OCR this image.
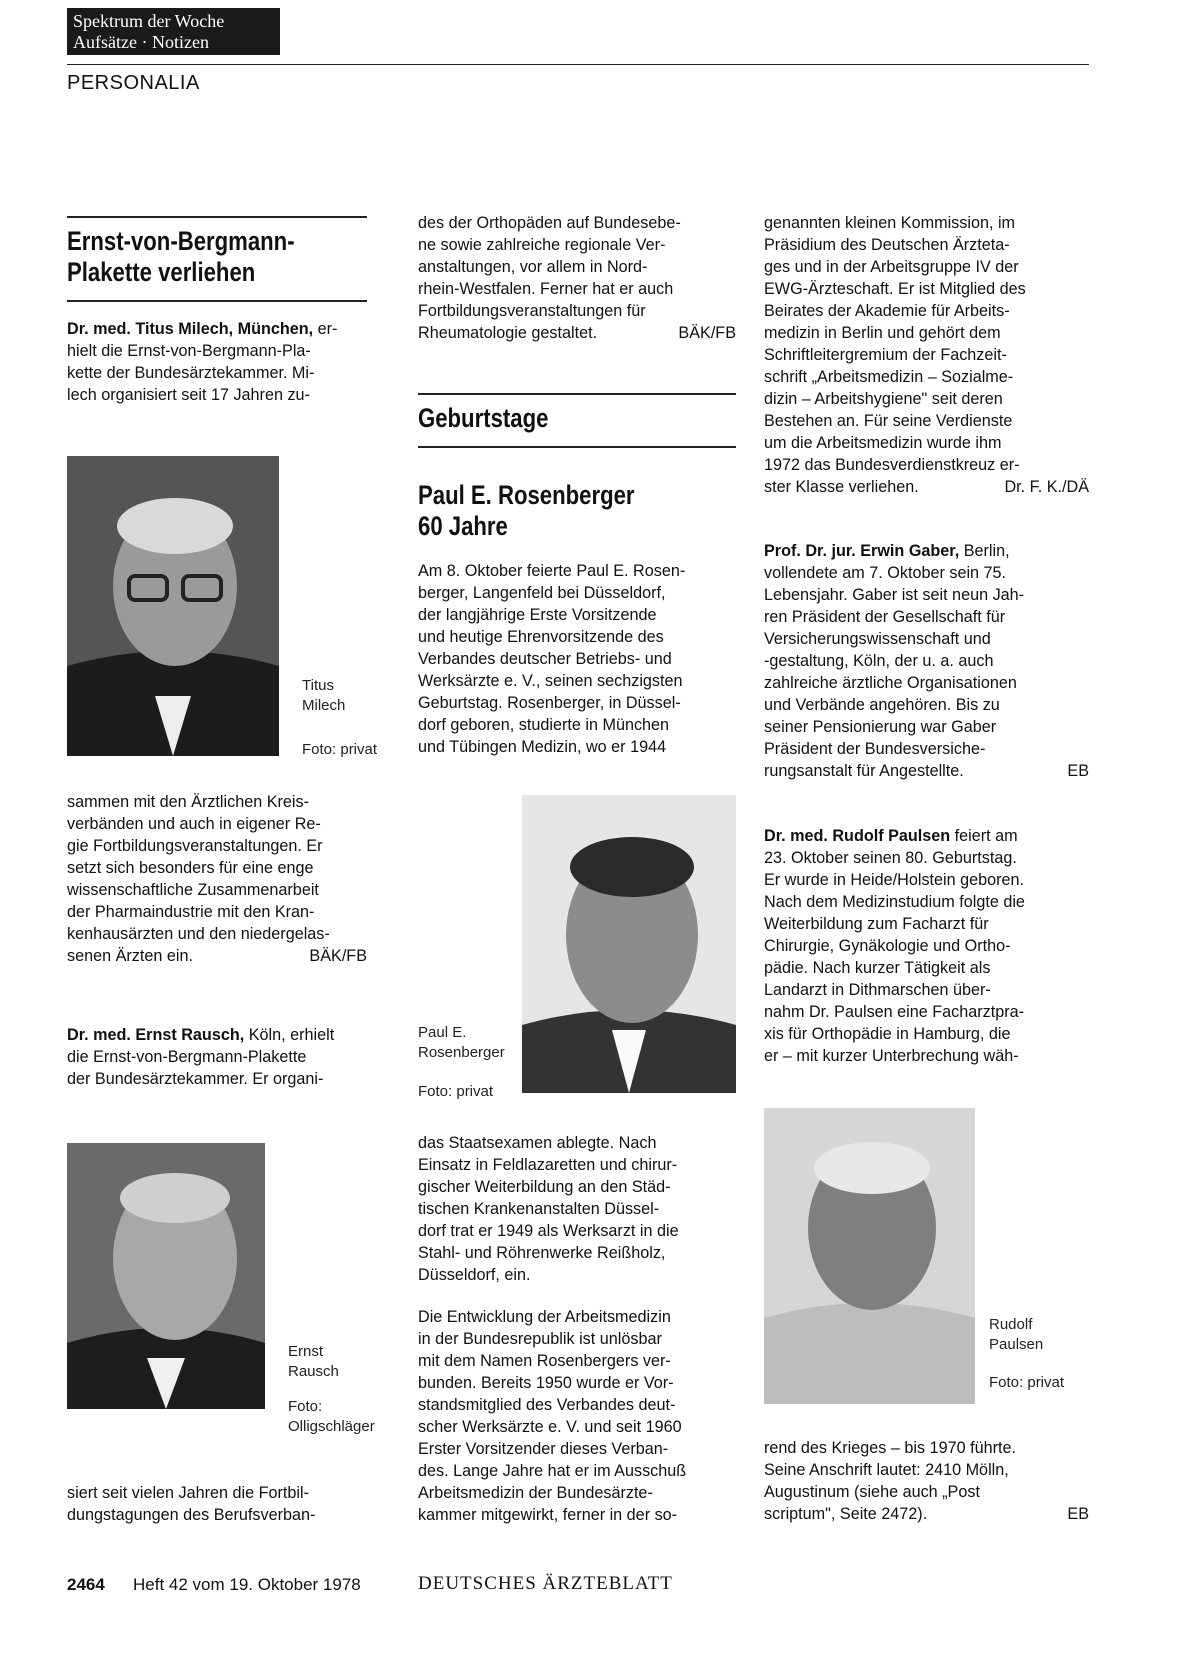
Spektrum der Woche
Aufsätze · Notizen
PERSONALIA
Ernst-von-Bergmann-
Plakette verliehen

Dr. med. Titus Milech, München, er-

hielt die Ernst-von-Bergmann-Pla-

kette der Bundesärztekammer. Mi-

lech organisiert seit 17 Jahren zu-

Titus
Milech
Foto: privat

sammen mit den Ärztlichen Kreis-

verbänden und auch in eigener Re-

gie Fortbildungsveranstaltungen. Er

setzt sich besonders für eine enge

wissenschaftliche Zusammenarbeit

der Pharmaindustrie mit den Kran-

kenhausärzten und den niedergelas-

senen Ärzten ein.	BÄK/FB

Dr. med. Ernst Rausch, Köln, erhielt

die Ernst-von-Bergmann-Plakette

der Bundesärztekammer. Er organi-

Ernst
Rausch
Foto:
Olligschläger

siert seit vielen Jahren die Fortbil-

dungstagungen des Berufsverban-

des der Orthopäden auf Bundesebe-

ne sowie zahlreiche regionale Ver-

anstaltungen, vor allem in Nord-

rhein-Westfalen. Ferner hat er auch

Fortbildungsveranstaltungen für

Rheumatologie gestaltet.	BÄK/FB

Geburtstage
Paul E. Rosenberger
60 Jahre

Am 8. Oktober feierte Paul E. Rosen-

berger, Langenfeld bei Düsseldorf,

der langjährige Erste Vorsitzende

und heutige Ehrenvorsitzende des

Verbandes deutscher Betriebs- und

Werksärzte e. V., seinen sechzigsten

Geburtstag. Rosenberger, in Düssel-

dorf geboren, studierte in München

und Tübingen Medizin, wo er 1944

Paul E.
Rosenberger
Foto: privat

das Staatsexamen ablegte. Nach

Einsatz in Feldlazaretten und chirur-

gischer Weiterbildung an den Städ-

tischen Krankenanstalten Düssel-

dorf trat er 1949 als Werksarzt in die

Stahl- und Röhrenwerke Reißholz,

Düsseldorf, ein.

Die Entwicklung der Arbeitsmedizin

in der Bundesrepublik ist unlösbar

mit dem Namen Rosenbergers ver-

bunden. Bereits 1950 wurde er Vor-

standsmitglied des Verbandes deut-

scher Werksärzte e. V. und seit 1960

Erster Vorsitzender dieses Verban-

des. Lange Jahre hat er im Ausschuß

Arbeitsmedizin der Bundesärzte-

kammer mitgewirkt, ferner in der so-

genannten kleinen Kommission, im

Präsidium des Deutschen Ärzteta-

ges und in der Arbeitsgruppe IV der

EWG-Ärzteschaft. Er ist Mitglied des

Beirates der Akademie für Arbeits-

medizin in Berlin und gehört dem

Schriftleitergremium der Fachzeit-

schrift „Arbeitsmedizin – Sozialme-

dizin – Arbeitshygiene" seit deren

Bestehen an. Für seine Verdienste

um die Arbeitsmedizin wurde ihm

1972 das Bundesverdienstkreuz er-

ster Klasse verliehen.	Dr. F. K./DÄ

Prof. Dr. jur. Erwin Gaber, Berlin,

vollendete am 7. Oktober sein 75.

Lebensjahr. Gaber ist seit neun Jah-

ren Präsident der Gesellschaft für

Versicherungswissenschaft und

-gestaltung, Köln, der u. a. auch

zahlreiche ärztliche Organisationen

und Verbände angehören. Bis zu

seiner Pensionierung war Gaber

Präsident der Bundesversiche-

rungsanstalt für Angestellte.	EB

Dr. med. Rudolf Paulsen feiert am

23. Oktober seinen 80. Geburtstag.

Er wurde in Heide/Holstein geboren.

Nach dem Medizinstudium folgte die

Weiterbildung zum Facharzt für

Chirurgie, Gynäkologie und Ortho-

pädie. Nach kurzer Tätigkeit als

Landarzt in Dithmarschen über-

nahm Dr. Paulsen eine Facharztpra-

xis für Orthopädie in Hamburg, die

er – mit kurzer Unterbrechung wäh-

Rudolf
Paulsen
Foto: privat

rend des Krieges – bis 1970 führte.

Seine Anschrift lautet: 2410 Mölln,

Augustinum (siehe auch „Post

scriptum", Seite 2472).	EB

2464 Heft 42 vom 19. Oktober 1978	DEUTSCHES ÄRZTEBLATT
